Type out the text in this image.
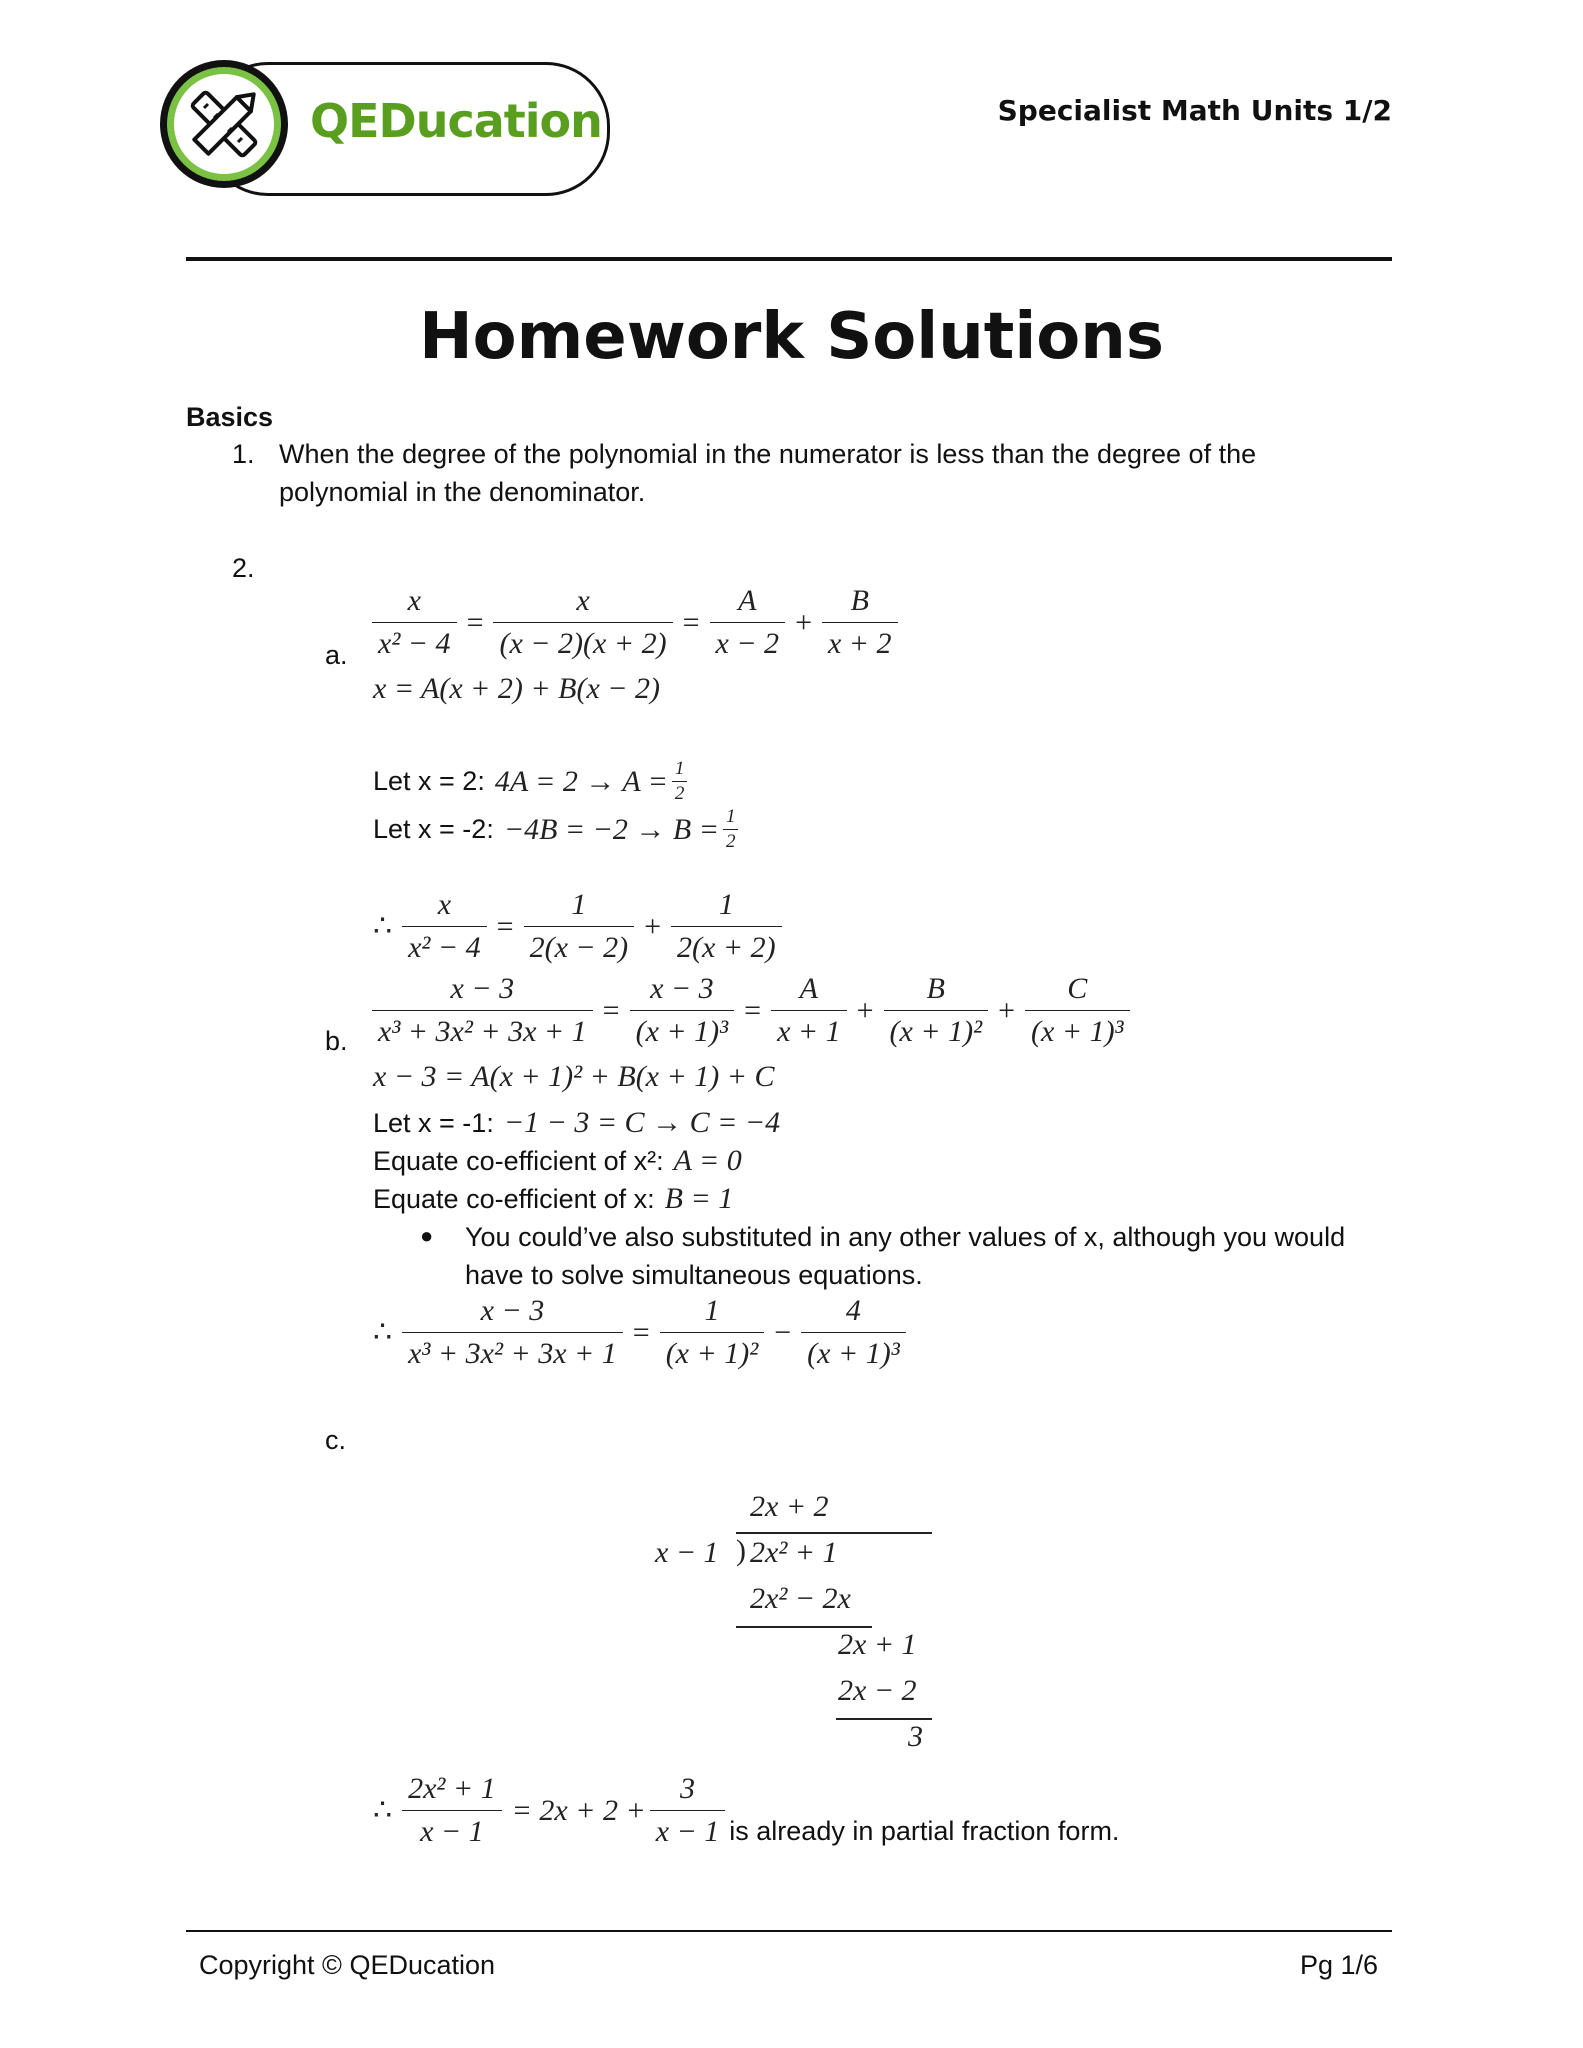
QEDucation	Specialist Math Units 1/2
Homework Solutions
Basics
1. When the degree of the polynomial in the numerator is less than the degree of the
polynomial in the denominator.
2.
a. $\frac{x}{\text{x² − 4}} = \frac{x}{(x - 2)(x + 2)} = \frac{A}{x - 2} + \frac{B}{x + 2}$
x = A(x + 2) + B(x − 2)
Let x = 2: $4A = 2 \to A = \frac{1}{2}$
Let x = -2: $-4B = -2 \to B = \frac{1}{2}$
∴ $\frac{x}{\text{x² − 4}} = \frac{1}{2(x - 2)} + \frac{1}{2(x + 2)}$
b. $\frac{x - 3}{\text{x³ + 3x² + 3x + 1}} = \frac{x - 3}{\text{(x + 1)³}} = \frac{A}{x + 1} + \frac{B}{\text{(x + 1)²}} + \frac{C}{\text{(x + 1)³}}$
x − 3 = A(x + 1)² + B(x + 1) + C
Let x = -1: −1 − 3 = C → C = −4
Equate co-efficient of x²: A = 0
Equate co-efficient of x: B = 1
● You could’ve also substituted in any other values of x, although you would
have to solve simultaneous equations.
∴ $\frac{x - 3}{\text{x³ + 3x² + 3x + 1}} = \frac{1}{\text{(x + 1)²}} - \frac{4}{\text{(x + 1)³}}$
c.
2x + 2
x − 1 ) 2x² + 1
2x² − 2x
2x + 1
2x − 2
3
∴ $\frac{\text{2x² + 1}}{x - 1} = 2x + 2 + \frac{3}{x - 1}$ is already in partial fraction form.
Copyright © QEDucation	Pg 1/6
